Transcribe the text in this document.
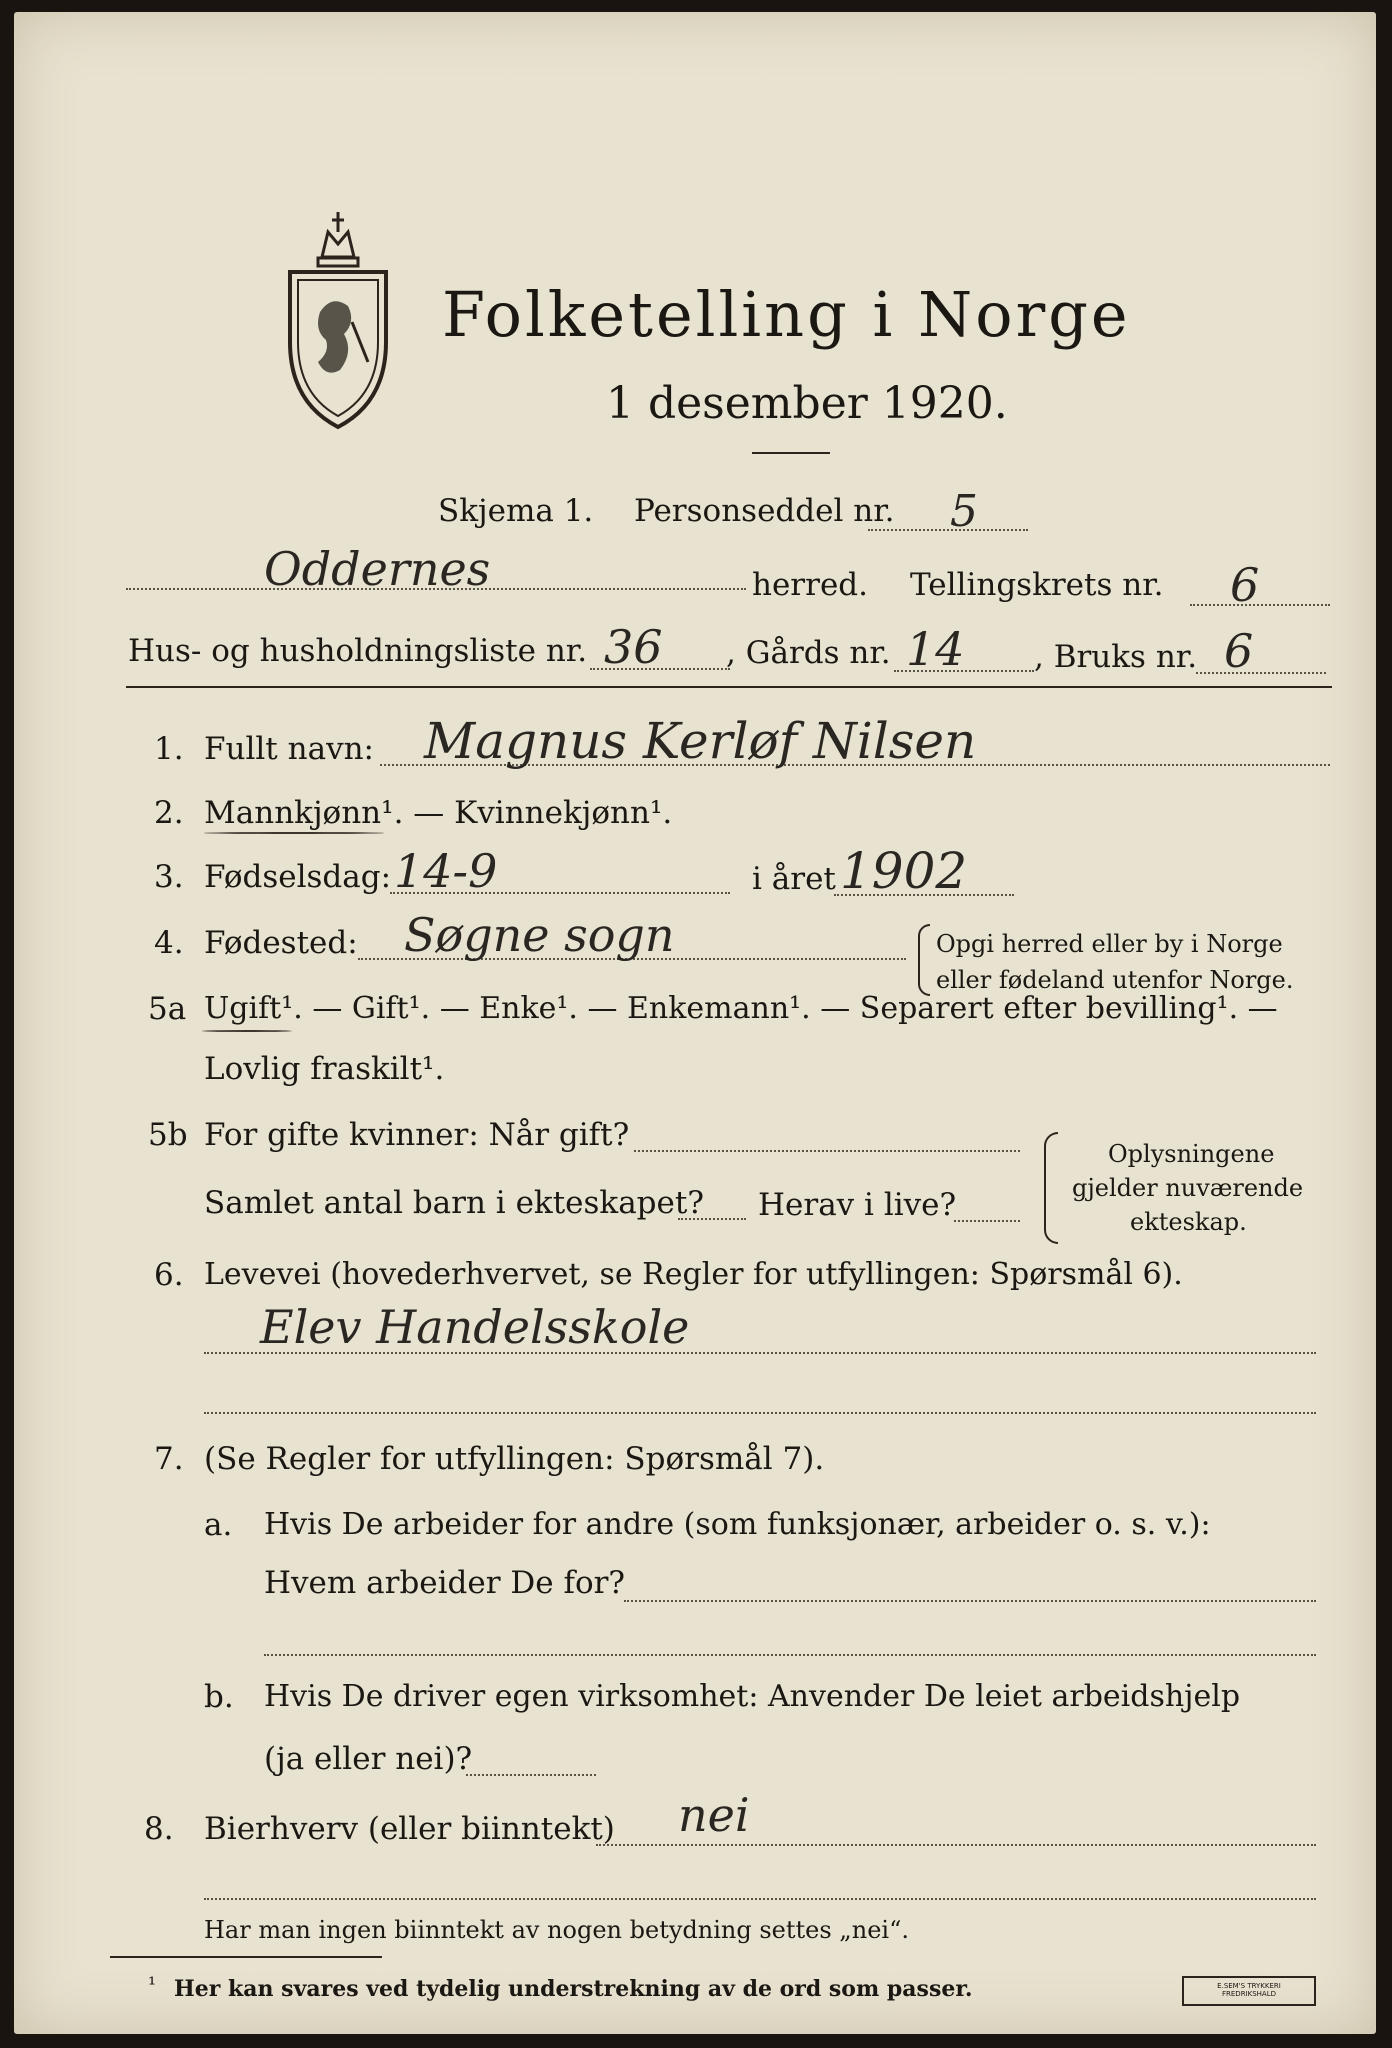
Folketelling i Norge
1 desember 1920.
Skjema 1. Personseddel nr. 5
Oddernes	herred. Tellingskrets nr. 6
Hus- og husholdningsliste nr. 36 , Gårds nr. 14 , Bruks nr. 6
1. Fullt navn: Magnus Kerløf Nilsen
2. Mannkjønn¹. — Kvinnekjønn¹.
3. Fødselsdag: 14-9	i året 1902
4. Fødested: Søgne sogn	Opgi herred eller by i Norge
eller fødeland utenfor Norge.
5a Ugift¹. — Gift¹. — Enke¹. — Enkemann¹. — Separert efter bevilling¹. —
Lovlig fraskilt¹.
5b For gifte kvinner: Når gift?
Samlet antal barn i ekteskapet? Herav i live?
Oplysningene
gjelder nuværende
ekteskap.
6. Levevei (hovederhvervet, se Regler for utfyllingen: Spørsmål 6).
Elev Handelsskole
7. (Se Regler for utfyllingen: Spørsmål 7).
a. Hvis De arbeider for andre (som funksjonær, arbeider o. s. v.):
Hvem arbeider De for?
b. Hvis De driver egen virksomhet: Anvender De leiet arbeidshjelp
(ja eller nei)?
8. Bierhverv (eller biinntekt) nei
Har man ingen biinntekt av nogen betydning settes „nei“.
¹ Her kan svares ved tydelig understrekning av de ord som passer.	E.SEM'S TRYKKERI FREDRIKSHALD
